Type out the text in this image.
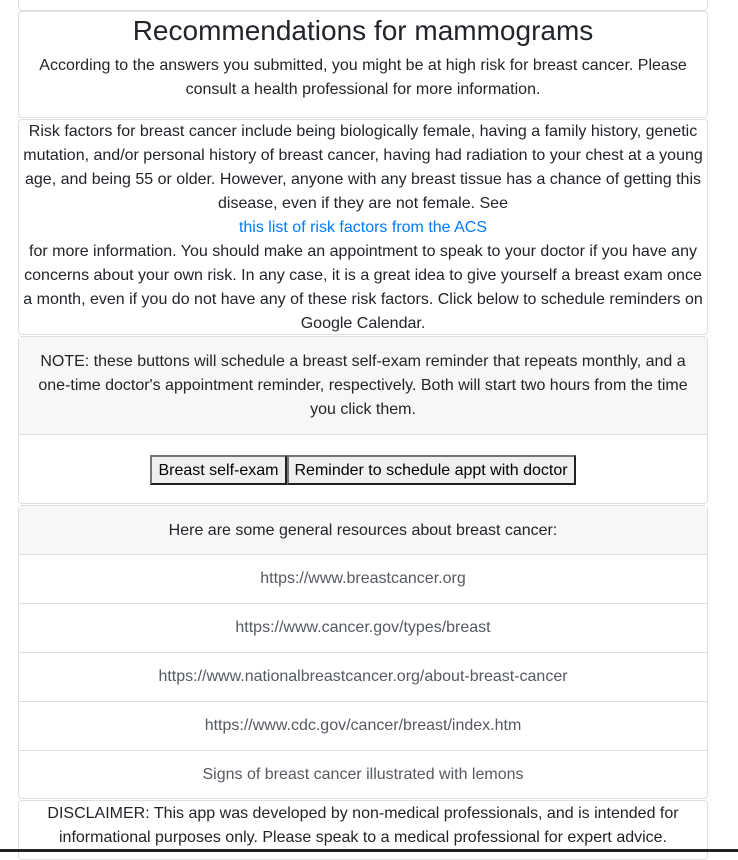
Recommendations for mammograms

According to the answers you submitted, you might be at high risk for breast cancer. Please consult a health professional for more information.

Risk factors for breast cancer include being biologically female, having a family history, genetic mutation, and/or personal history of breast cancer, having had radiation to your chest at a young age, and being 55 or older. However, anyone with any breast tissue has a chance of getting this disease, even if they are not female. See
this list of risk factors from the ACS
for more information. You should make an appointment to speak to your doctor if you have any concerns about your own risk. In any case, it is a great idea to give yourself a breast exam once a month, even if you do not have any of these risk factors. Click below to schedule reminders on Google Calendar.
NOTE: these buttons will schedule a breast self-exam reminder that repeats monthly, and a one-time doctor's appointment reminder, respectively. Both will start two hours from the time you click them.
Breast self-exam	Reminder to schedule appt with doctor
Here are some general resources about breast cancer:
https://www.breastcancer.org
https://www.cancer.gov/types/breast
https://www.nationalbreastcancer.org/about-breast-cancer
https://www.cdc.gov/cancer/breast/index.htm
Signs of breast cancer illustrated with lemons

DISCLAIMER: This app was developed by non-medical professionals, and is intended for informational purposes only. Please speak to a medical professional for expert advice.
